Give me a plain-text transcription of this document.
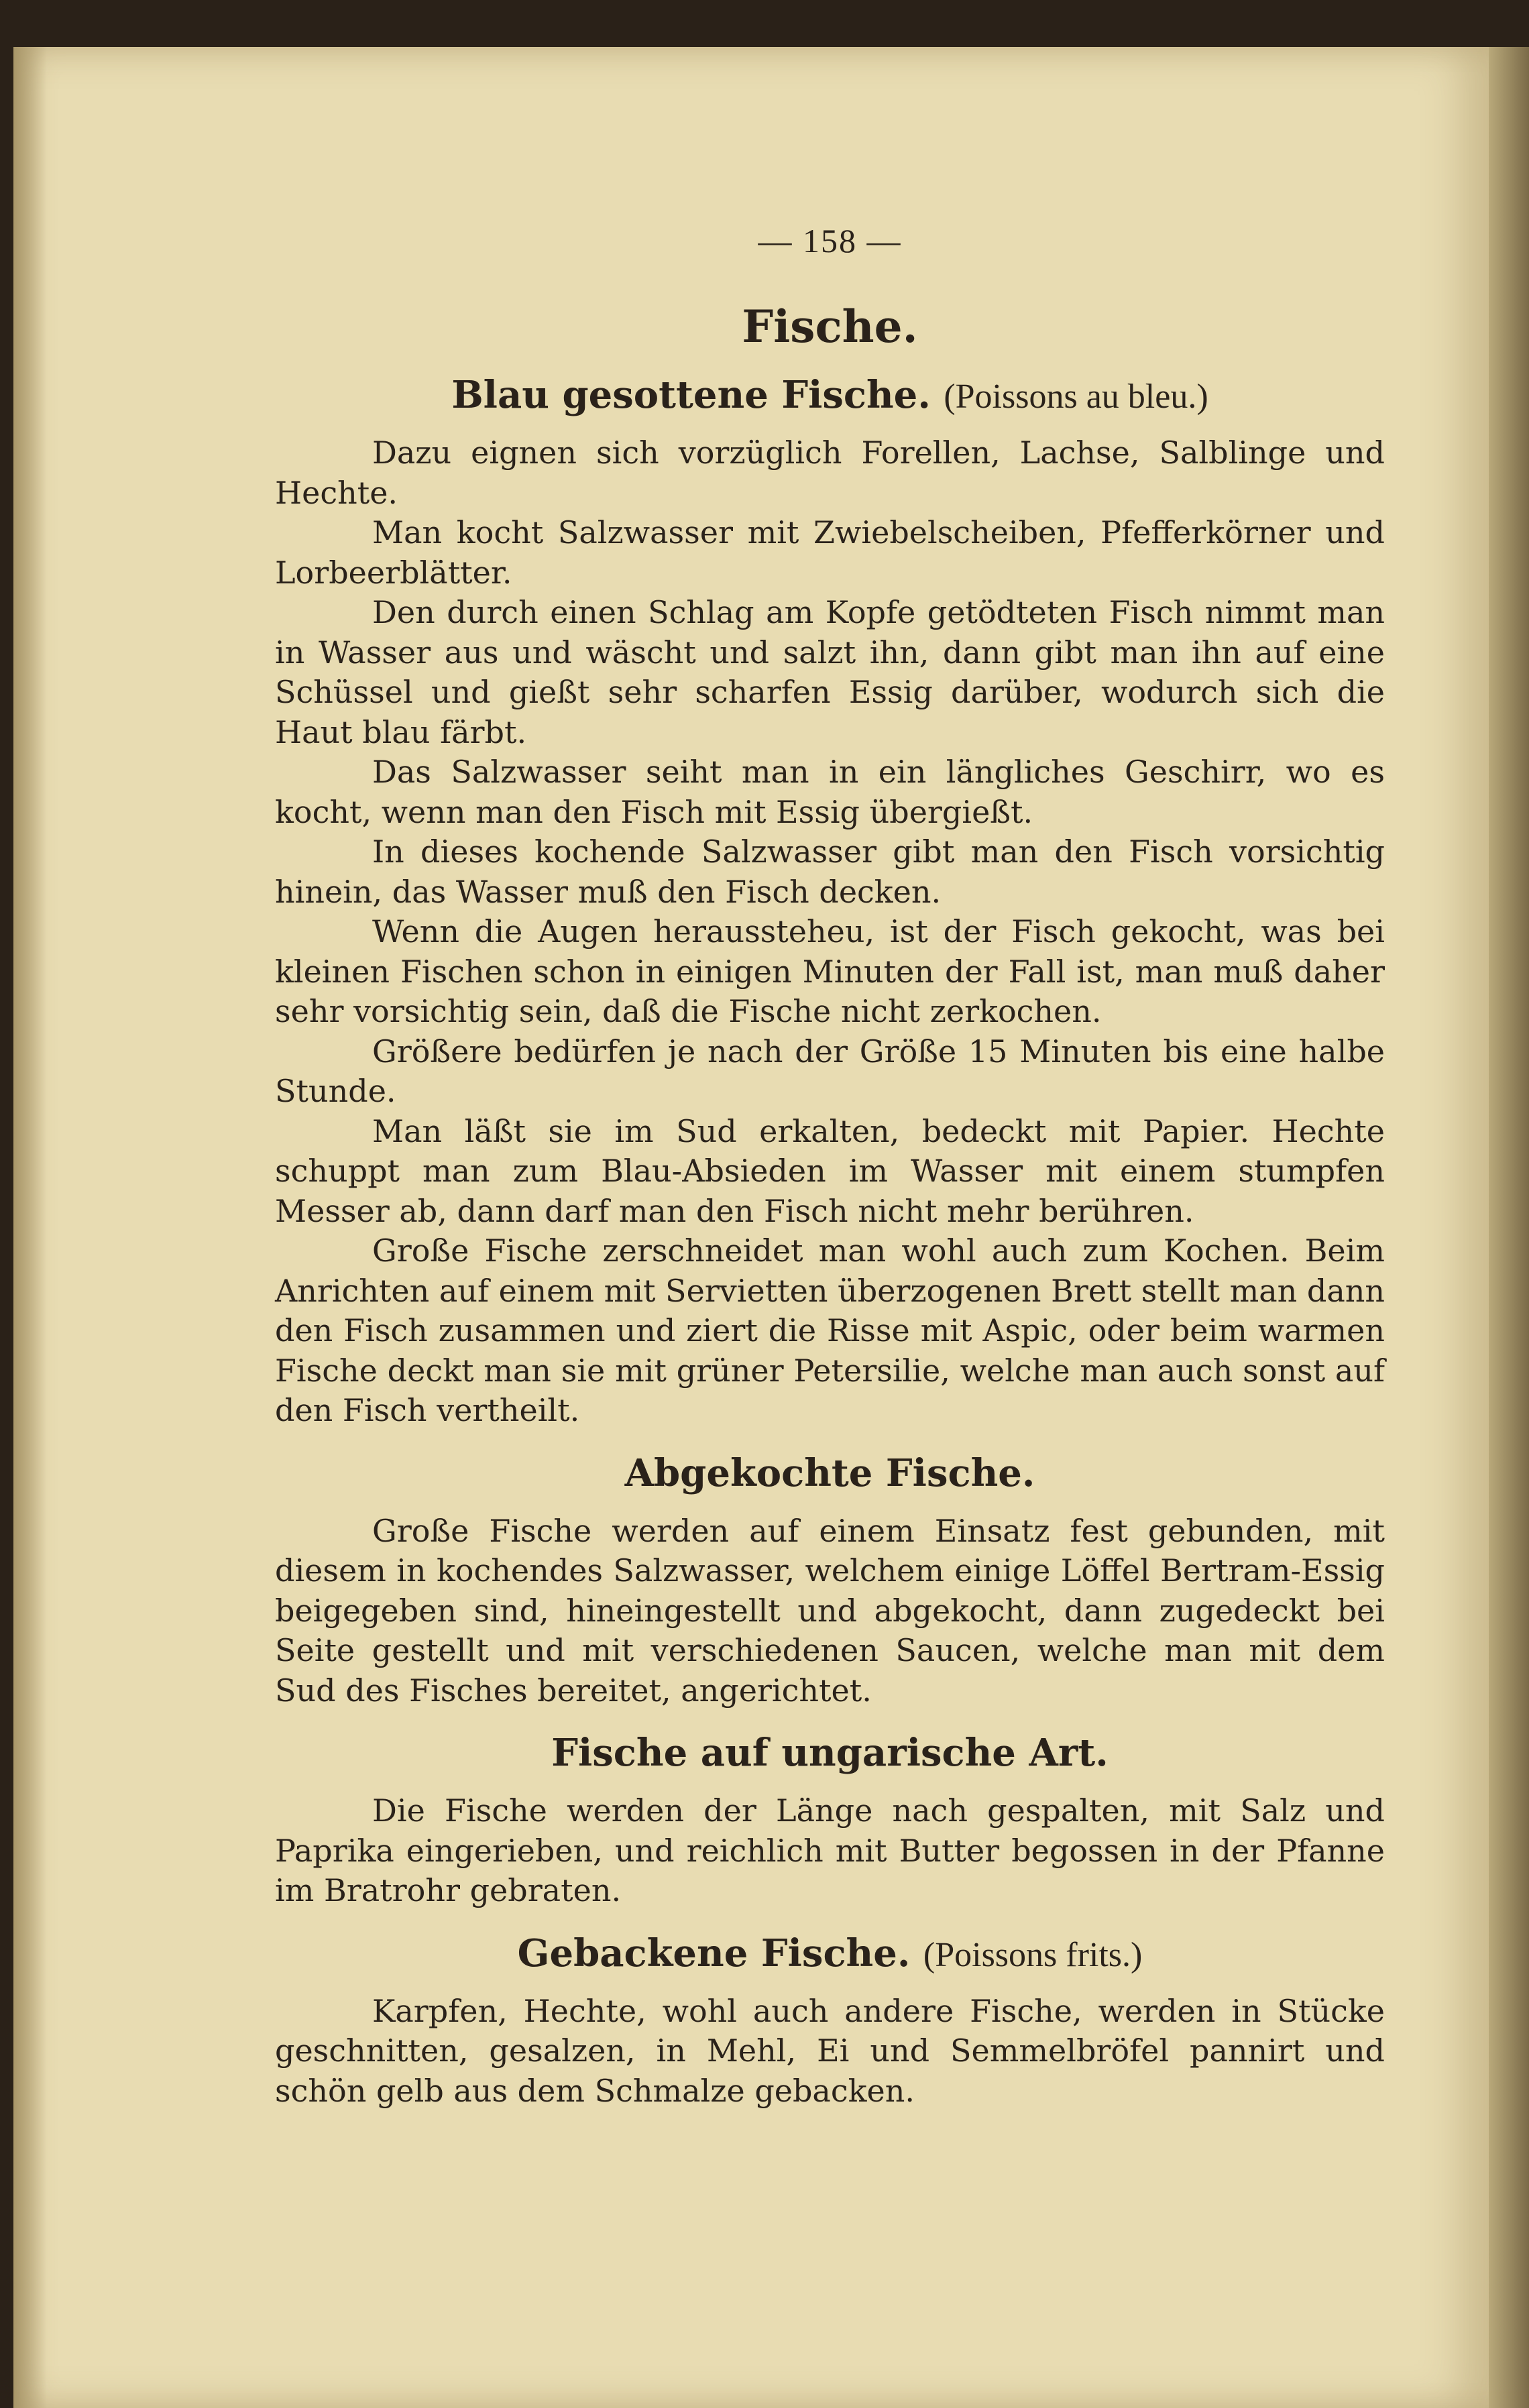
— 158 —
Fische.
Blau gesottene Fische. (Poissons au bleu.)

Dazu eignen sich vorzüglich Forellen, Lachse, Salblinge und Hechte.

Man kocht Salzwasser mit Zwiebelscheiben, Pfefferkörner und Lorbeerblätter.

Den durch einen Schlag am Kopfe getödteten Fisch nimmt man in Wasser aus und wäscht und salzt ihn, dann gibt man ihn auf eine Schüssel und gießt sehr scharfen Essig darüber, wodurch sich die Haut blau färbt.

Das Salzwasser seiht man in ein längliches Geschirr, wo es kocht, wenn man den Fisch mit Essig übergießt.

In dieses kochende Salzwasser gibt man den Fisch vorsichtig hinein, das Wasser muß den Fisch decken.

Wenn die Augen heraussteheu, ist der Fisch gekocht, was bei kleinen Fischen schon in einigen Minuten der Fall ist, man muß daher sehr vorsichtig sein, daß die Fische nicht zerkochen.

Größere bedürfen je nach der Größe 15 Minuten bis eine halbe Stunde.

Man läßt sie im Sud erkalten, bedeckt mit Papier. Hechte schuppt man zum Blau-Absieden im Wasser mit einem stumpfen Messer ab, dann darf man den Fisch nicht mehr berühren.

Große Fische zerschneidet man wohl auch zum Kochen. Beim Anrichten auf einem mit Servietten überzogenen Brett stellt man dann den Fisch zusammen und ziert die Risse mit Aspic, oder beim warmen Fische deckt man sie mit grüner Petersilie, welche man auch sonst auf den Fisch vertheilt.

Abgekochte Fische.

Große Fische werden auf einem Einsatz fest gebunden, mit diesem in kochendes Salzwasser, welchem einige Löffel Bertram-Essig beigegeben sind, hineingestellt und abgekocht, dann zugedeckt bei Seite gestellt und mit verschiedenen Saucen, welche man mit dem Sud des Fisches bereitet, angerichtet.

Fische auf ungarische Art.

Die Fische werden der Länge nach gespalten, mit Salz und Paprika eingerieben, und reichlich mit Butter begossen in der Pfanne im Bratrohr gebraten.

Gebackene Fische. (Poissons frits.)

Karpfen, Hechte, wohl auch andere Fische, werden in Stücke geschnitten, gesalzen, in Mehl, Ei und Semmelbröfel pannirt und schön gelb aus dem Schmalze gebacken.
